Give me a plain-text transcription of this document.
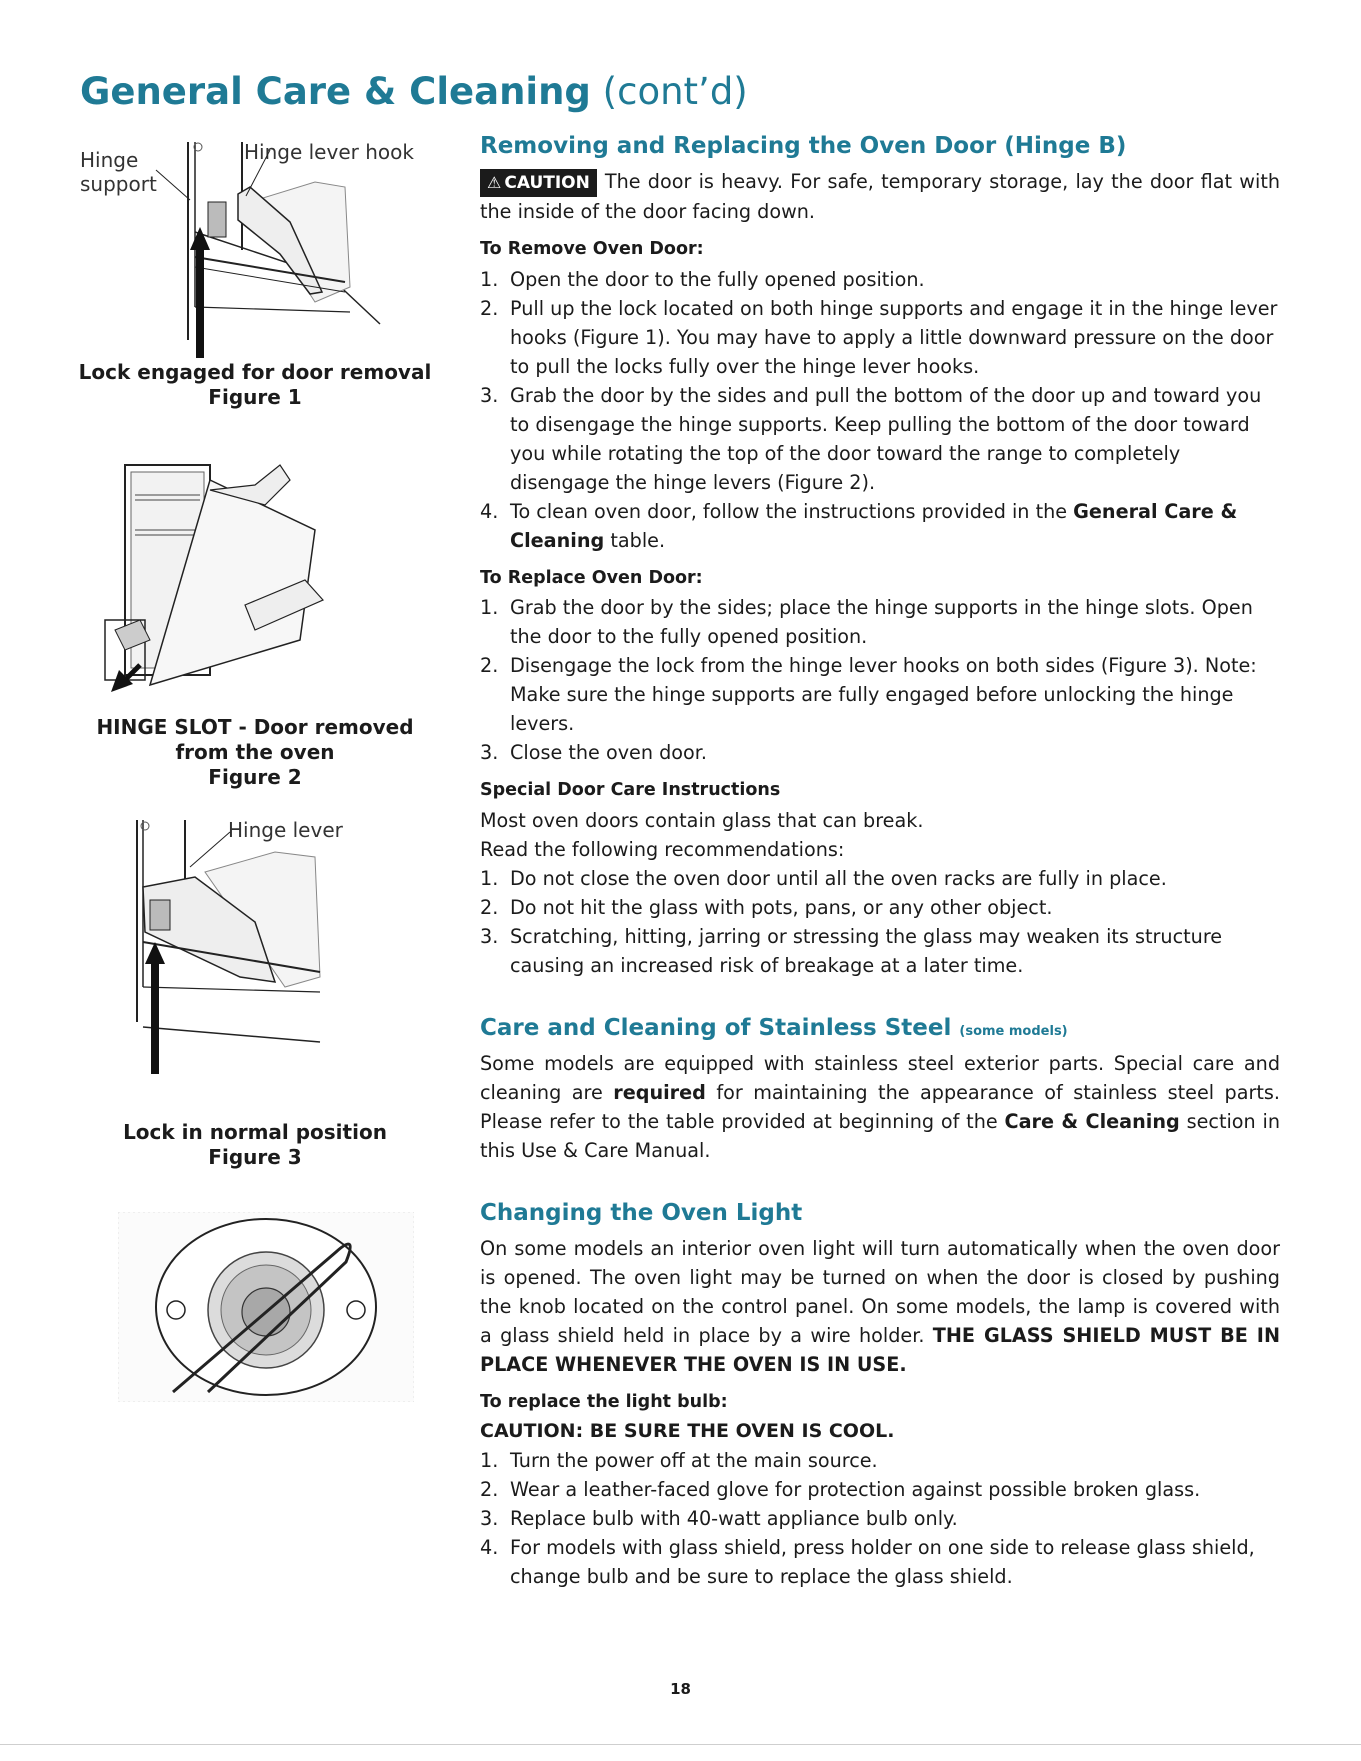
General Care & Cleaning (cont’d)
Hinge support
Hinge lever hook
Lock engaged for door removal
Figure 1
HINGE SLOT - Door removed
from the oven
Figure 2
Hinge lever
Lock in normal position
Figure 3
Removing and Replacing the Oven Door (Hinge B)

⚠ CAUTION The door is heavy. For safe, temporary storage, lay the door flat with the inside of the door facing down.

To Remove Oven Door:
1. Open the door to the fully opened position.
2. Pull up the lock located on both hinge supports and engage it in the hinge lever hooks (Figure 1). You may have to apply a little downward pressure on the door to pull the locks fully over the hinge lever hooks.
3. Grab the door by the sides and pull the bottom of the door up and toward you to disengage the hinge supports. Keep pulling the bottom of the door toward you while rotating the top of the door toward the range to completely disengage the hinge levers (Figure 2).
4. To clean oven door, follow the instructions provided in the General Care & Cleaning table.
To Replace Oven Door:
1. Grab the door by the sides; place the hinge supports in the hinge slots. Open the door to the fully opened position.
2. Disengage the lock from the hinge lever hooks on both sides (Figure 3). Note: Make sure the hinge supports are fully engaged before unlocking the hinge levers.
3. Close the oven door.
Special Door Care Instructions

Most oven doors contain glass that can break.

Read the following recommendations:

1. Do not close the oven door until all the oven racks are fully in place.
2. Do not hit the glass with pots, pans, or any other object.
3. Scratching, hitting, jarring or stressing the glass may weaken its structure causing an increased risk of breakage at a later time.
Care and Cleaning of Stainless Steel (some models)

Some models are equipped with stainless steel exterior parts. Special care and cleaning are required for maintaining the appearance of stainless steel parts. Please refer to the table provided at beginning of the Care & Cleaning section in this Use & Care Manual.

Changing the Oven Light

On some models an interior oven light will turn automatically when the oven door is opened. The oven light may be turned on when the door is closed by pushing the knob located on the control panel. On some models, the lamp is covered with a glass shield held in place by a wire holder. THE GLASS SHIELD MUST BE IN PLACE WHENEVER THE OVEN IS IN USE.

To replace the light bulb:
CAUTION: BE SURE THE OVEN IS COOL.
1. Turn the power off at the main source.
2. Wear a leather-faced glove for protection against possible broken glass.
3. Replace bulb with 40-watt appliance bulb only.
4. For models with glass shield, press holder on one side to release glass shield, change bulb and be sure to replace the glass shield.
18
